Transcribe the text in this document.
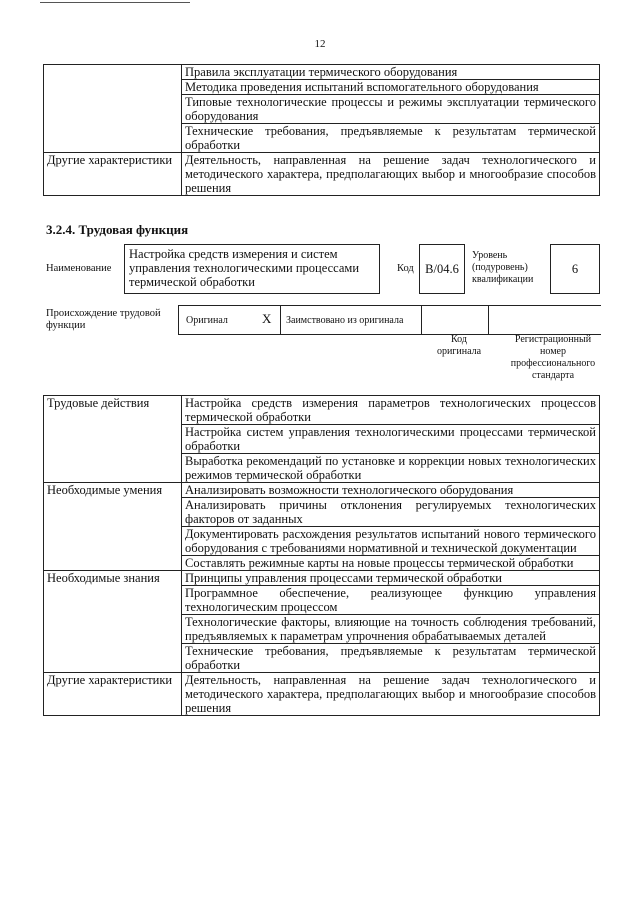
12
	Правила эксплуатации термического оборудования
	Методика проведения испытаний вспомогательного оборудования
	Типовые технологические процессы и режимы эксплуатации термического оборудования
	Технические требования, предъявляемые к результатам термической обработки
Другие характеристики	Деятельность, направленная на решение задач технологического и методического характера, предполагающих выбор и многообразие способов решения
3.2.4. Трудовая функция
Наименование
Настройка средств измерения и систем управления технологическими процессами термической обработки
Код B/04.6
Уровень (подуровень) квалификации
6
Происхождение трудовой функции	Оригинал	X Заимствовано из оригинала
Код оригинала
Регистрационный номер профессионального стандарта
Трудовые действия	Настройка средств измерения параметров технологических процессов термической обработки
	Настройка систем управления технологическими процессами термической обработки
	Выработка рекомендаций по установке и коррекции новых технологических режимов термической обработки
Необходимые умения	Анализировать возможности технологического оборудования
	Анализировать причины отклонения регулируемых технологических факторов от заданных
	Документировать расхождения результатов испытаний нового термического оборудования с требованиями нормативной и технической документации
	Составлять режимные карты на новые процессы термической обработки
Необходимые знания	Принципы управления процессами термической обработки
	Программное обеспечение, реализующее функцию управления технологическим процессом
	Технологические факторы, влияющие на точность соблюдения требований, предъявляемых к параметрам упрочнения обрабатываемых деталей
	Технические требования, предъявляемые к результатам термической обработки
Другие характеристики	Деятельность, направленная на решение задач технологического и методического характера, предполагающих выбор и многообразие способов решения
